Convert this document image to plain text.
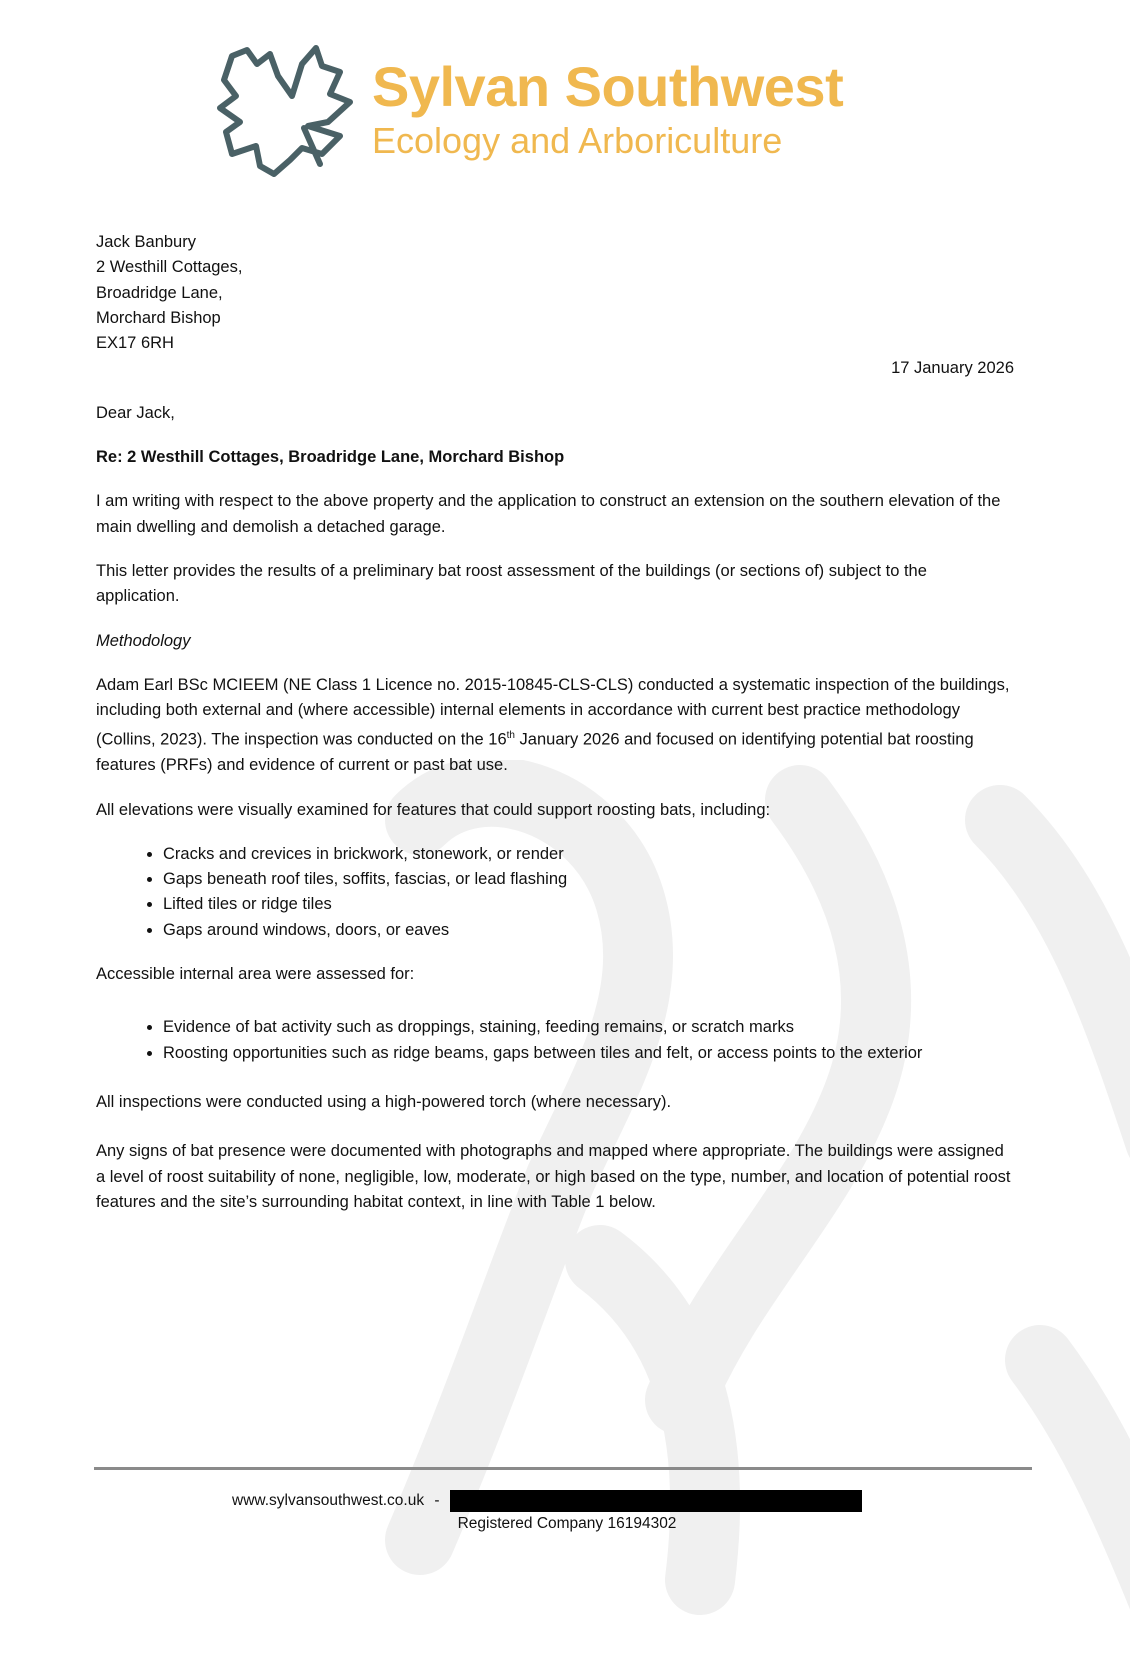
Sylvan Southwest
Ecology and Arboriculture
Jack Banbury
2 Westhill Cottages,
Broadridge Lane,
Morchard Bishop
EX17 6RH

17 January 2026

Dear Jack,

Re: 2 Westhill Cottages, Broadridge Lane, Morchard Bishop

I am writing with respect to the above property and the application to construct an extension on the southern elevation of the main dwelling and demolish a detached garage.

This letter provides the results of a preliminary bat roost assessment of the buildings (or sections of) subject to the application.

Methodology

Adam Earl BSc MCIEEM (NE Class 1 Licence no. 2015-10845-CLS-CLS) conducted a systematic inspection of the buildings, including both external and (where accessible) internal elements in accordance with current best practice methodology (Collins, 2023). The inspection was conducted on the 16th January 2026 and focused on identifying potential bat roosting features (PRFs) and evidence of current or past bat use.

All elevations were visually examined for features that could support roosting bats, including:

• Cracks and crevices in brickwork, stonework, or render
• Gaps beneath roof tiles, soffits, fascias, or lead flashing
• Lifted tiles or ridge tiles
• Gaps around windows, doors, or eaves

Accessible internal area were assessed for:

• Evidence of bat activity such as droppings, staining, feeding remains, or scratch marks
• Roosting opportunities such as ridge beams, gaps between tiles and felt, or access points to the exterior

All inspections were conducted using a high-powered torch (where necessary).

Any signs of bat presence were documented with photographs and mapped where appropriate. The buildings were assigned a level of roost suitability of none, negligible, low, moderate, or high based on the type, number, and location of potential roost features and the site’s surrounding habitat context, in line with Table 1 below.

www.sylvansouthwest.co.uk -
Registered Company 16194302
